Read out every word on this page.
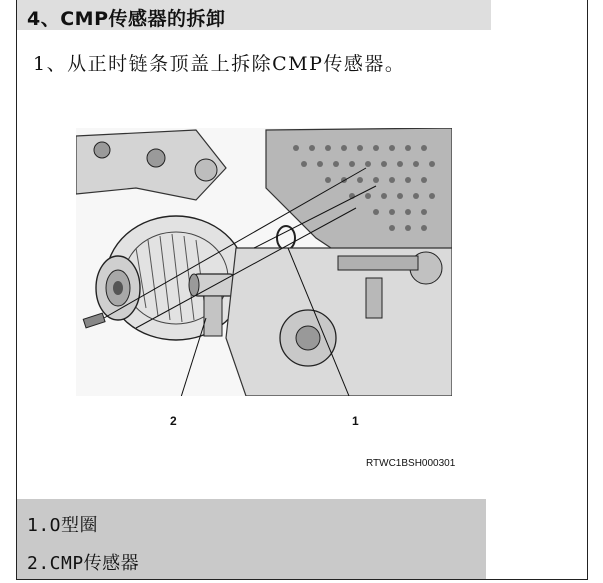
4、CMP传感器的拆卸
1、从正时链条顶盖上拆除CMP传感器。
2	1
RTWC1BSH000301
1.O型圈
2.CMP传感器
